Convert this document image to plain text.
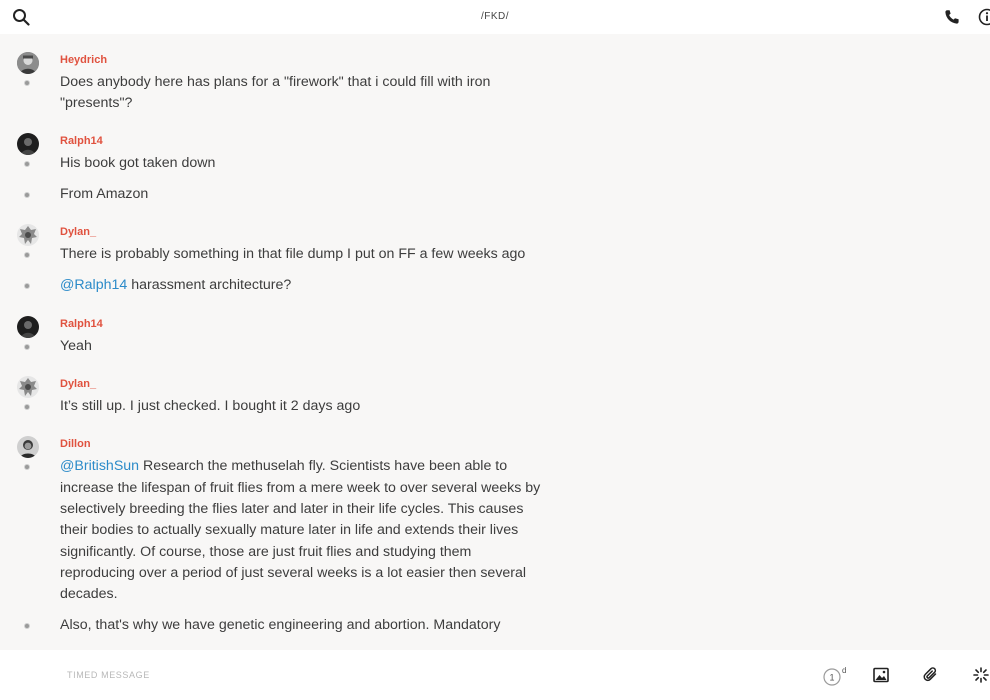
/FKD/
Heydrich
Does anybody here has plans for a "firework" that i could fill with iron "presents"?
Ralph14
His book got taken down
From Amazon
Dylan_
There is probably something in that file dump I put on FF a few weeks ago
@Ralph14 harassment architecture?
Ralph14
Yeah
Dylan_
It’s still up. I just checked. I bought it 2 days ago
Dillon
@BritishSun Research the methuselah fly. Scientists have been able to increase the lifespan of fruit flies from a mere week to over several weeks by selectively breeding the flies later and later in their life cycles. This causes their bodies to actually sexually mature later in life and extends their lives significantly. Of course, those are just fruit flies and studying them reproducing over a period of just several weeks is a lot easier then several decades.
Also, that's why we have genetic engineering and abortion. Mandatory
TIMED MESSAGE	1
d
